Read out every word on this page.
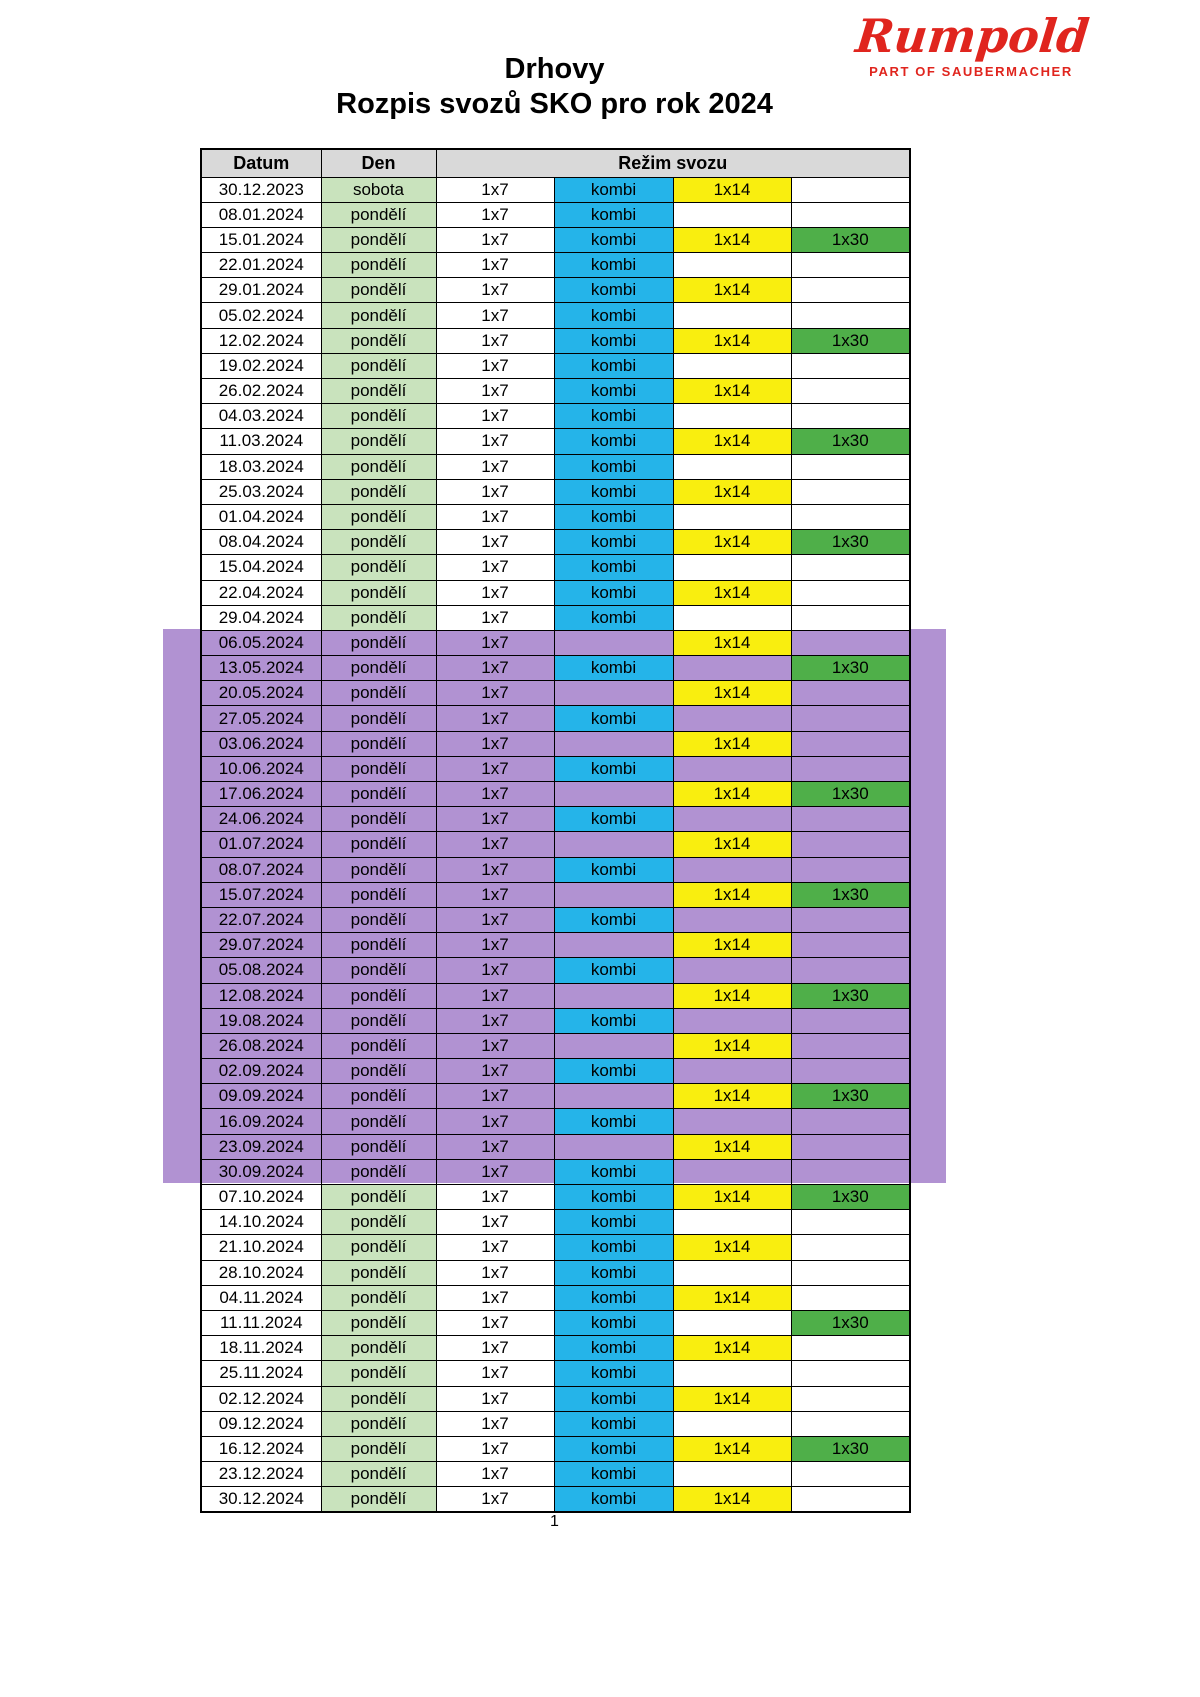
Rumpold
PART OF SAUBERMACHER
Drhovy
Rozpis svozů SKO pro rok 2024
Datum	Den	Režim svozu			
30.12.2023	sobota	1x7	kombi	1x14	
08.01.2024	pondělí	1x7	kombi		
15.01.2024	pondělí	1x7	kombi	1x14	1x30
22.01.2024	pondělí	1x7	kombi		
29.01.2024	pondělí	1x7	kombi	1x14	
05.02.2024	pondělí	1x7	kombi		
12.02.2024	pondělí	1x7	kombi	1x14	1x30
19.02.2024	pondělí	1x7	kombi		
26.02.2024	pondělí	1x7	kombi	1x14	
04.03.2024	pondělí	1x7	kombi		
11.03.2024	pondělí	1x7	kombi	1x14	1x30
18.03.2024	pondělí	1x7	kombi		
25.03.2024	pondělí	1x7	kombi	1x14	
01.04.2024	pondělí	1x7	kombi		
08.04.2024	pondělí	1x7	kombi	1x14	1x30
15.04.2024	pondělí	1x7	kombi		
22.04.2024	pondělí	1x7	kombi	1x14	
29.04.2024	pondělí	1x7	kombi		
06.05.2024	pondělí	1x7		1x14	
13.05.2024	pondělí	1x7	kombi		1x30
20.05.2024	pondělí	1x7		1x14	
27.05.2024	pondělí	1x7	kombi		
03.06.2024	pondělí	1x7		1x14	
10.06.2024	pondělí	1x7	kombi		
17.06.2024	pondělí	1x7		1x14	1x30
24.06.2024	pondělí	1x7	kombi		
01.07.2024	pondělí	1x7		1x14	
08.07.2024	pondělí	1x7	kombi		
15.07.2024	pondělí	1x7		1x14	1x30
22.07.2024	pondělí	1x7	kombi		
29.07.2024	pondělí	1x7		1x14	
05.08.2024	pondělí	1x7	kombi		
12.08.2024	pondělí	1x7		1x14	1x30
19.08.2024	pondělí	1x7	kombi		
26.08.2024	pondělí	1x7		1x14	
02.09.2024	pondělí	1x7	kombi		
09.09.2024	pondělí	1x7		1x14	1x30
16.09.2024	pondělí	1x7	kombi		
23.09.2024	pondělí	1x7		1x14	
30.09.2024	pondělí	1x7	kombi		
07.10.2024	pondělí	1x7	kombi	1x14	1x30
14.10.2024	pondělí	1x7	kombi		
21.10.2024	pondělí	1x7	kombi	1x14	
28.10.2024	pondělí	1x7	kombi		
04.11.2024	pondělí	1x7	kombi	1x14	
11.11.2024	pondělí	1x7	kombi		1x30
18.11.2024	pondělí	1x7	kombi	1x14	
25.11.2024	pondělí	1x7	kombi		
02.12.2024	pondělí	1x7	kombi	1x14	
09.12.2024	pondělí	1x7	kombi		
16.12.2024	pondělí	1x7	kombi	1x14	1x30
23.12.2024	pondělí	1x7	kombi		
30.12.2024	pondělí	1x7	kombi	1x14	
1
